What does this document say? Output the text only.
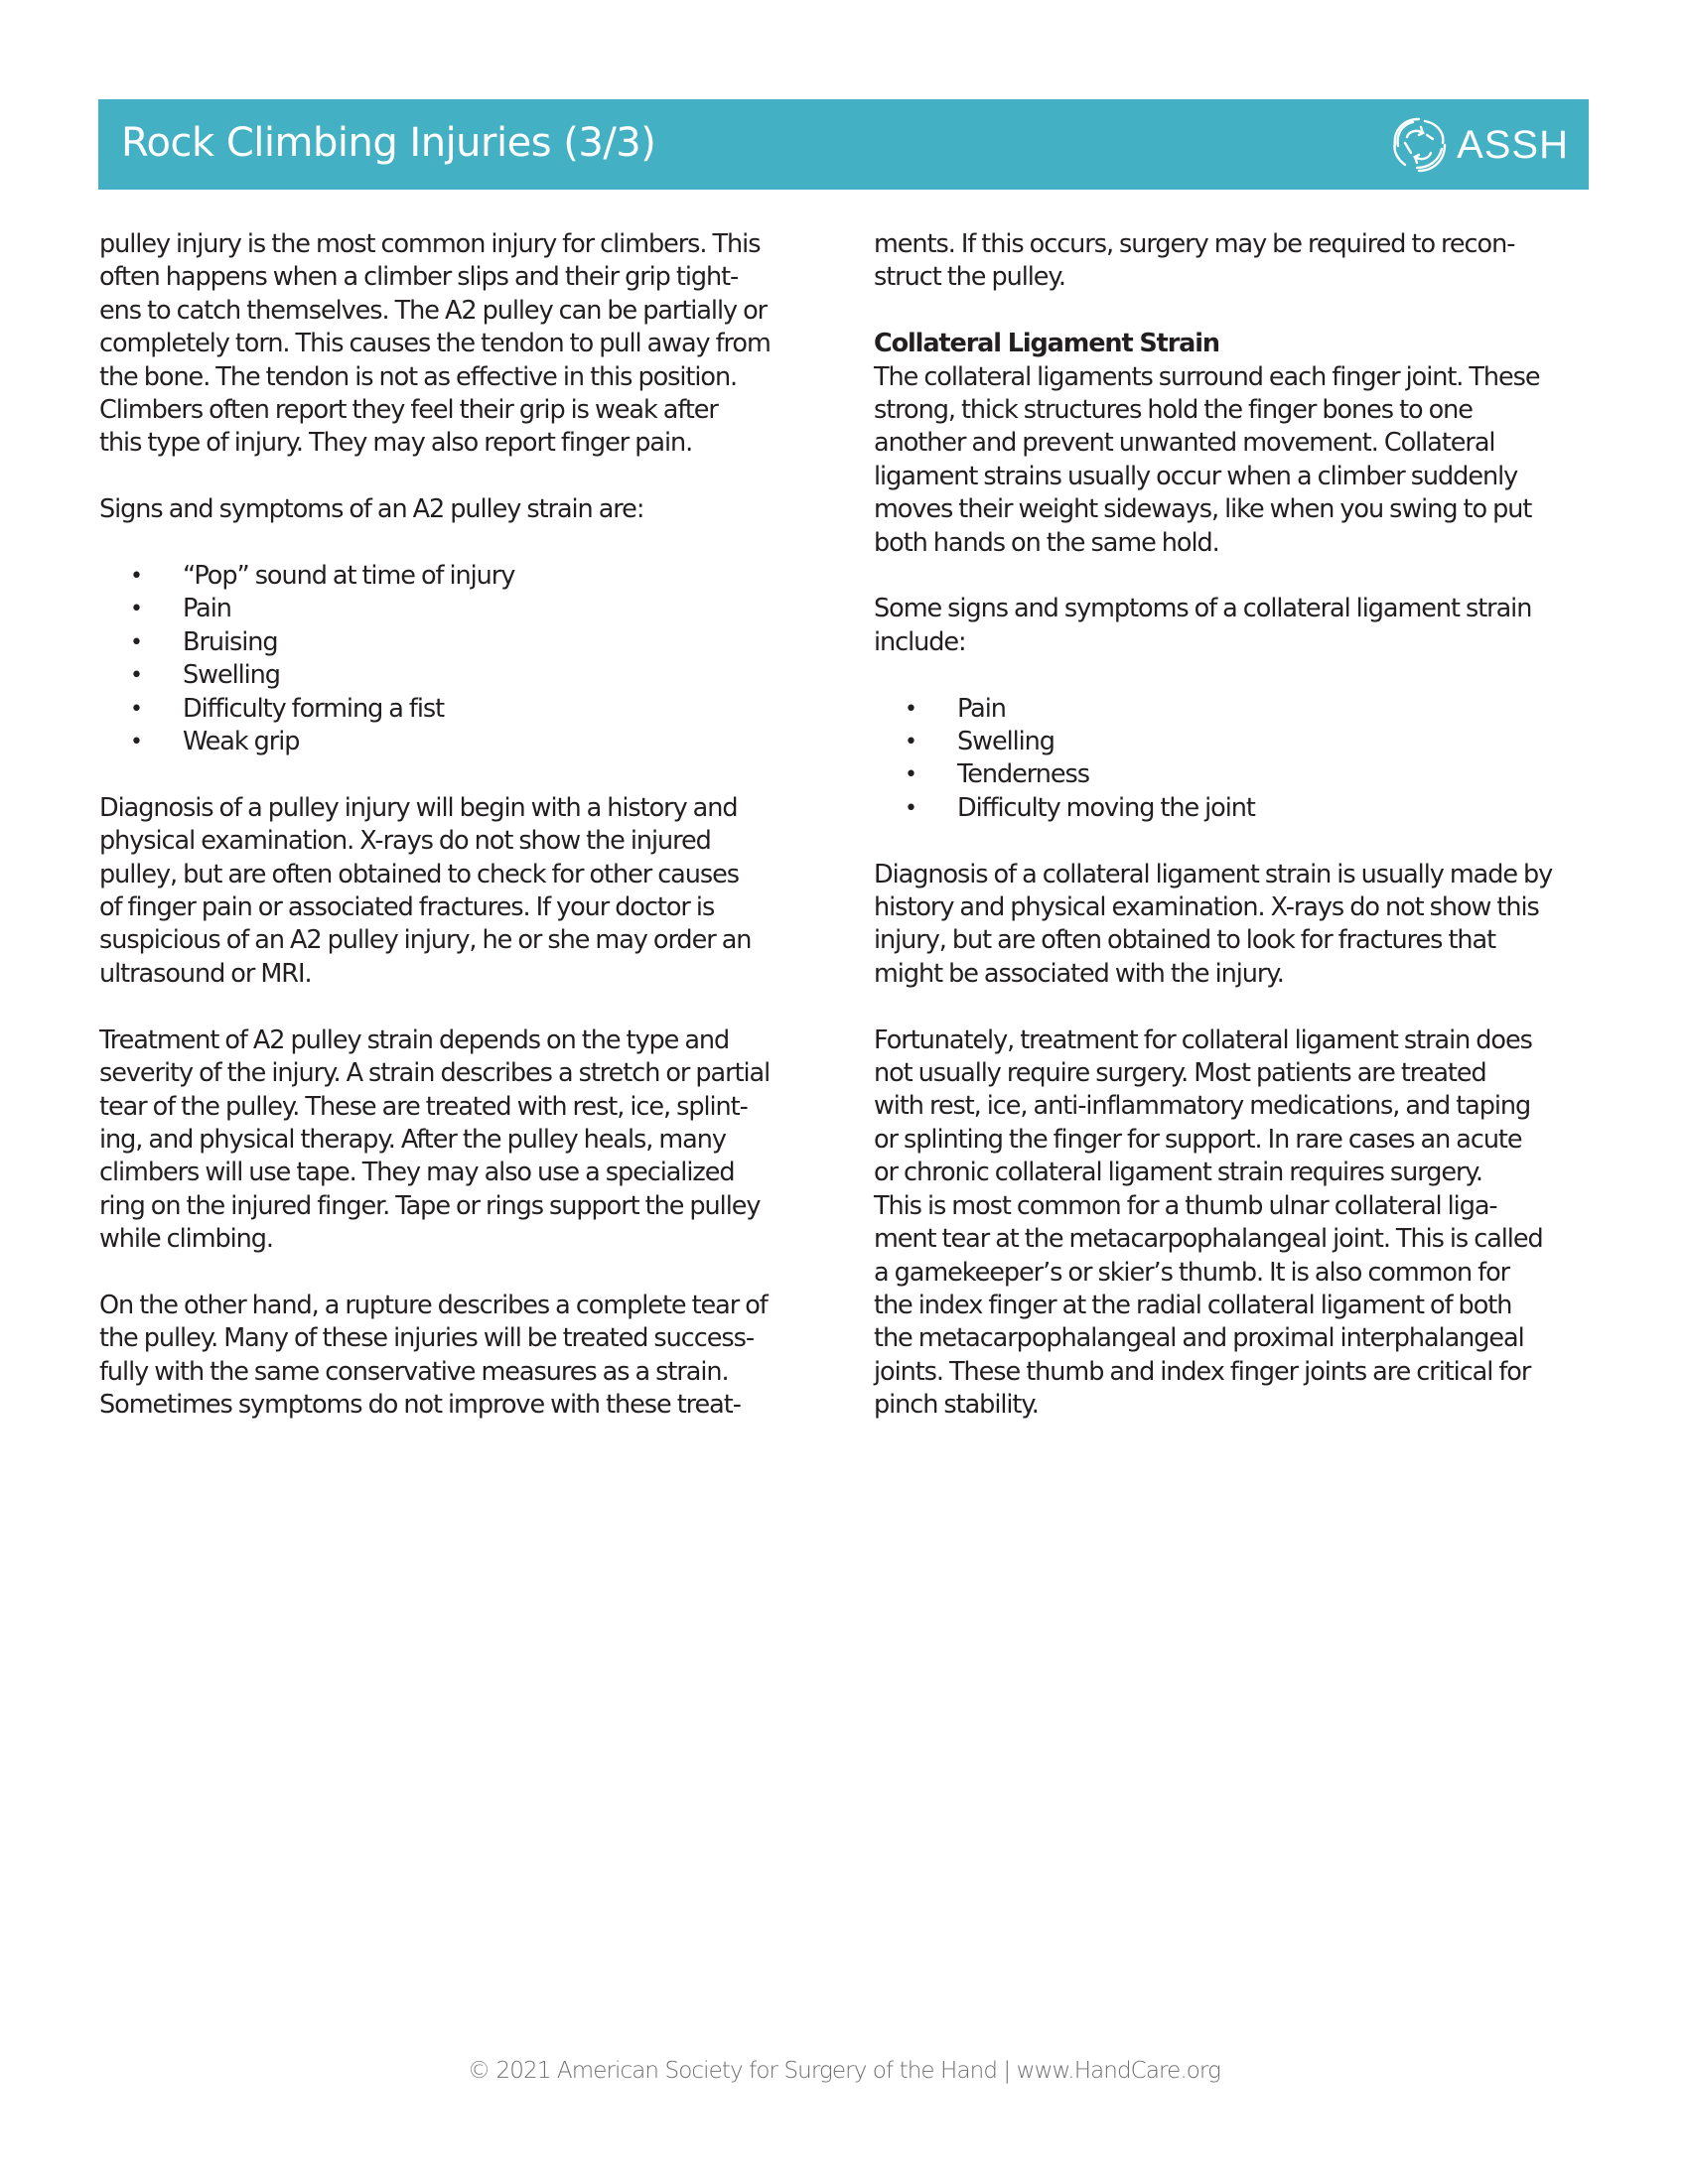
Rock Climbing Injuries (3/3)	ASSH
pulley injury is the most common injury for climbers. This
often happens when a climber slips and their grip tight-
ens to catch themselves. The A2 pulley can be partially or
completely torn. This causes the tendon to pull away from
the bone. The tendon is not as effective in this position.
Climbers often report they feel their grip is weak after
this type of injury. They may also report finger pain.
Signs and symptoms of an A2 pulley strain are:
• “Pop” sound at time of injury
• Pain
• Bruising
• Swelling
• Difficulty forming a fist
• Weak grip
Diagnosis of a pulley injury will begin with a history and
physical examination. X-rays do not show the injured
pulley, but are often obtained to check for other causes
of finger pain or associated fractures. If your doctor is
suspicious of an A2 pulley injury, he or she may order an
ultrasound or MRI.
Treatment of A2 pulley strain depends on the type and
severity of the injury. A strain describes a stretch or partial
tear of the pulley. These are treated with rest, ice, splint-
ing, and physical therapy. After the pulley heals, many
climbers will use tape. They may also use a specialized
ring on the injured finger. Tape or rings support the pulley
while climbing.
On the other hand, a rupture describes a complete tear of
the pulley. Many of these injuries will be treated success-
fully with the same conservative measures as a strain.
Sometimes symptoms do not improve with these treat-
ments. If this occurs, surgery may be required to recon-
struct the pulley.
Collateral Ligament Strain
The collateral ligaments surround each finger joint. These
strong, thick structures hold the finger bones to one
another and prevent unwanted movement. Collateral
ligament strains usually occur when a climber suddenly
moves their weight sideways, like when you swing to put
both hands on the same hold.
Some signs and symptoms of a collateral ligament strain
include:
• Pain
• Swelling
• Tenderness
• Difficulty moving the joint
Diagnosis of a collateral ligament strain is usually made by
history and physical examination. X-rays do not show this
injury, but are often obtained to look for fractures that
might be associated with the injury.
Fortunately, treatment for collateral ligament strain does
not usually require surgery. Most patients are treated
with rest, ice, anti-inflammatory medications, and taping
or splinting the finger for support. In rare cases an acute
or chronic collateral ligament strain requires surgery.
This is most common for a thumb ulnar collateral liga-
ment tear at the metacarpophalangeal joint. This is called
a gamekeeper’s or skier’s thumb. It is also common for
the index finger at the radial collateral ligament of both
the metacarpophalangeal and proximal interphalangeal
joints. These thumb and index finger joints are critical for
pinch stability.
© 2021 American Society for Surgery of the Hand | www.HandCare.org
